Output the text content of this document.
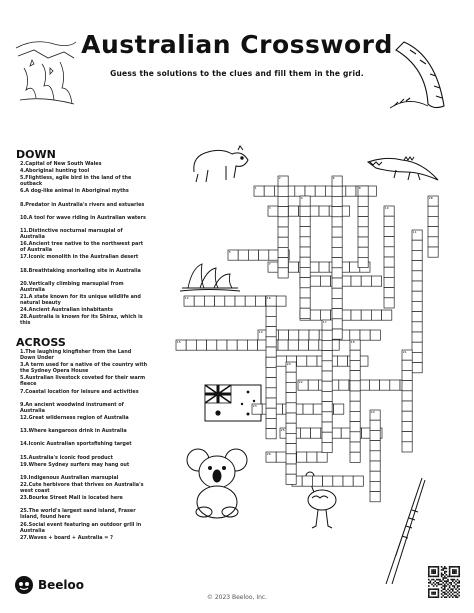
Australian Crossword
Guess the solutions to the clues and fill them in the grid.
1
3
5
7
12
14
15
22
23
25
26
2
4
6
8
10
11
16
17
18
20
21
24
28
DOWN
2.Capital of New South Wales
4.Aboriginal hunting tool
5.Flightless, agile bird in the land of the outback
6.A dog-like animal in Aboriginal myths
8.Predator in Australia's rivers and estuaries
10.A tool for wave riding in Australian waters
11.Distinctive nocturnal marsupial of Australia
16.Ancient tree native to the northwest part of Australia
17.Iconic monolith in the Australian desert
18.Breathtaking snorkeling site in Australia
20.Vertically climbing marsupial from Australia
21.A state known for its unique wildlife and natural beauty
24.Ancient Australian inhabitants
28.Australia is known for its Shiraz, which is this
ACROSS
1.The laughing kingfisher from the Land Down Under
3.A term used for a native of the country with the Sydney Opera House
5.Australian livestock coveted for their warm fleece
7.Coastal location for leisure and activities
9.An ancient woodwind instrument of Australia
12.Great wilderness region of Australia
13.Where kangaroos drink in Australia
14.Iconic Australian sportsfishing target
15.Australia's iconic food product
19.Where Sydney surfers may hang out
19.Indigenous Australian marsupial
22.Cute herbivore that thrives on Australia's west coast
23.Bourke Street Mall is located here
25.The world's largest sand island, Fraser Island, found here
26.Social event featuring an outdoor grill in Australia
27.Waves + board + Australia = ?
Beeloo
© 2023 Beeloo, Inc.
